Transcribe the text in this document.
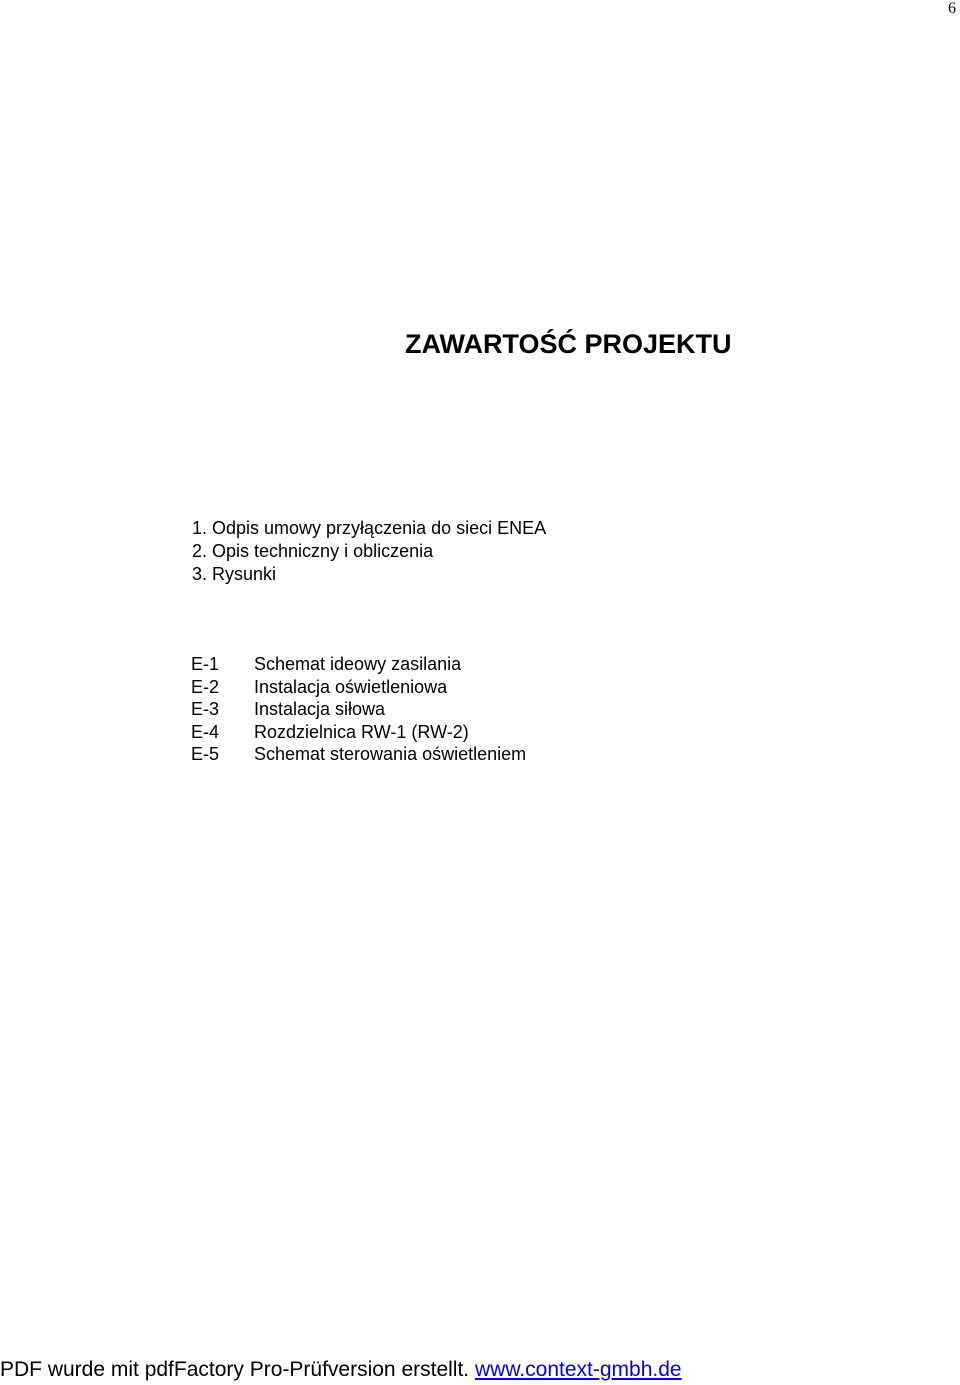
6
ZAWARTOŚĆ PROJEKTU
1. Odpis umowy przyłączenia do sieci ENEA
2. Opis techniczny i obliczenia
3. Rysunki
E-1	Schemat ideowy zasilania
E-2	Instalacja oświetleniowa
E-3	Instalacja siłowa
E-4	Rozdzielnica RW-1 (RW-2)
E-5	Schemat sterowania oświetleniem
PDF wurde mit pdfFactory Pro-Prüfversion erstellt. www.context-gmbh.de
